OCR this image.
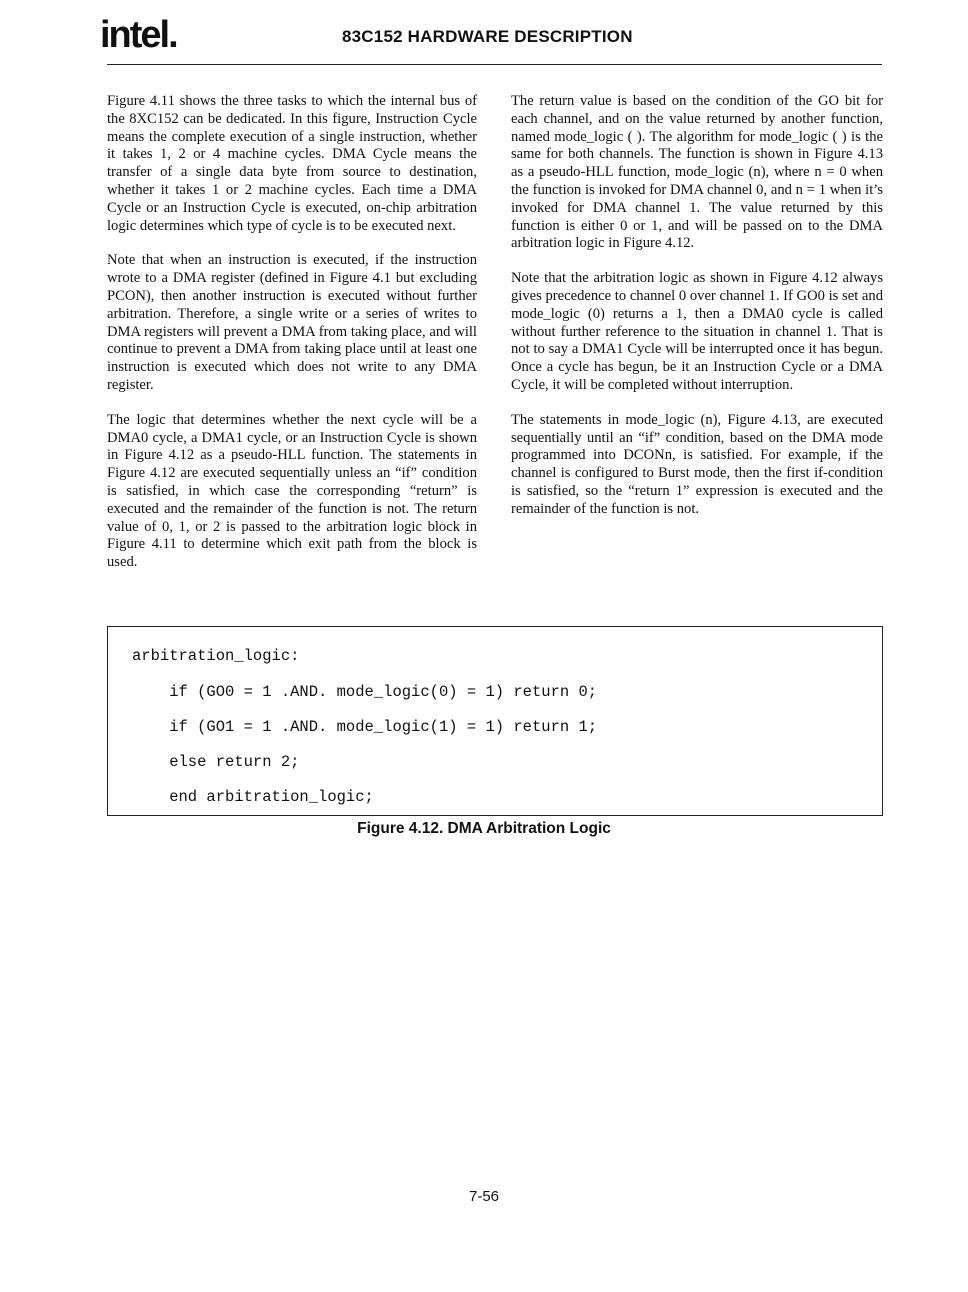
intel.	83C152 HARDWARE DESCRIPTION

Figure 4.11 shows the three tasks to which the internal bus of the 8XC152 can be dedicated. In this figure, Instruction Cycle means the complete execution of a single instruction, whether it takes 1, 2 or 4 machine cycles. DMA Cycle means the transfer of a single data byte from source to destination, whether it takes 1 or 2 machine cycles. Each time a DMA Cycle or an Instruction Cycle is executed, on-chip arbitration logic determines which type of cycle is to be executed next.

Note that when an instruction is executed, if the instruction wrote to a DMA register (defined in Figure 4.1 but excluding PCON), then another instruction is executed without further arbitration. Therefore, a single write or a series of writes to DMA registers will prevent a DMA from taking place, and will continue to prevent a DMA from taking place until at least one instruction is executed which does not write to any DMA register.

The logic that determines whether the next cycle will be a DMA0 cycle, a DMA1 cycle, or an Instruction Cycle is shown in Figure 4.12 as a pseudo-HLL function. The statements in Figure 4.12 are executed sequentially unless an “if” condition is satisfied, in which case the corresponding “return” is executed and the remainder of the function is not. The return value of 0, 1, or 2 is passed to the arbitration logic block in Figure 4.11 to determine which exit path from the block is used.

The return value is based on the condition of the GO bit for each channel, and on the value returned by another function, named mode_logic ( ). The algorithm for mode_logic ( ) is the same for both channels. The function is shown in Figure 4.13 as a pseudo-HLL function, mode_logic (n), where n = 0 when the function is invoked for DMA channel 0, and n = 1 when it’s invoked for DMA channel 1. The value returned by this function is either 0 or 1, and will be passed on to the DMA arbitration logic in Figure 4.12.

Note that the arbitration logic as shown in Figure 4.12 always gives precedence to channel 0 over channel 1. If GO0 is set and mode_logic (0) returns a 1, then a DMA0 cycle is called without further reference to the situation in channel 1. That is not to say a DMA1 Cycle will be interrupted once it has begun. Once a cycle has begun, be it an Instruction Cycle or a DMA Cycle, it will be completed without interruption.

The statements in mode_logic (n), Figure 4.13, are executed sequentially until an “if” condition, based on the DMA mode programmed into DCONn, is satisfied. For example, if the channel is configured to Burst mode, then the first if-condition is satisfied, so the “return 1” expression is executed and the remainder of the function is not.

arbitration_logic:
if (GO0 = 1 .AND. mode_logic(0) = 1) return 0;
if (GO1 = 1 .AND. mode_logic(1) = 1) return 1;
else return 2;
end arbitration_logic;
Figure 4.12. DMA Arbitration Logic
7-56
